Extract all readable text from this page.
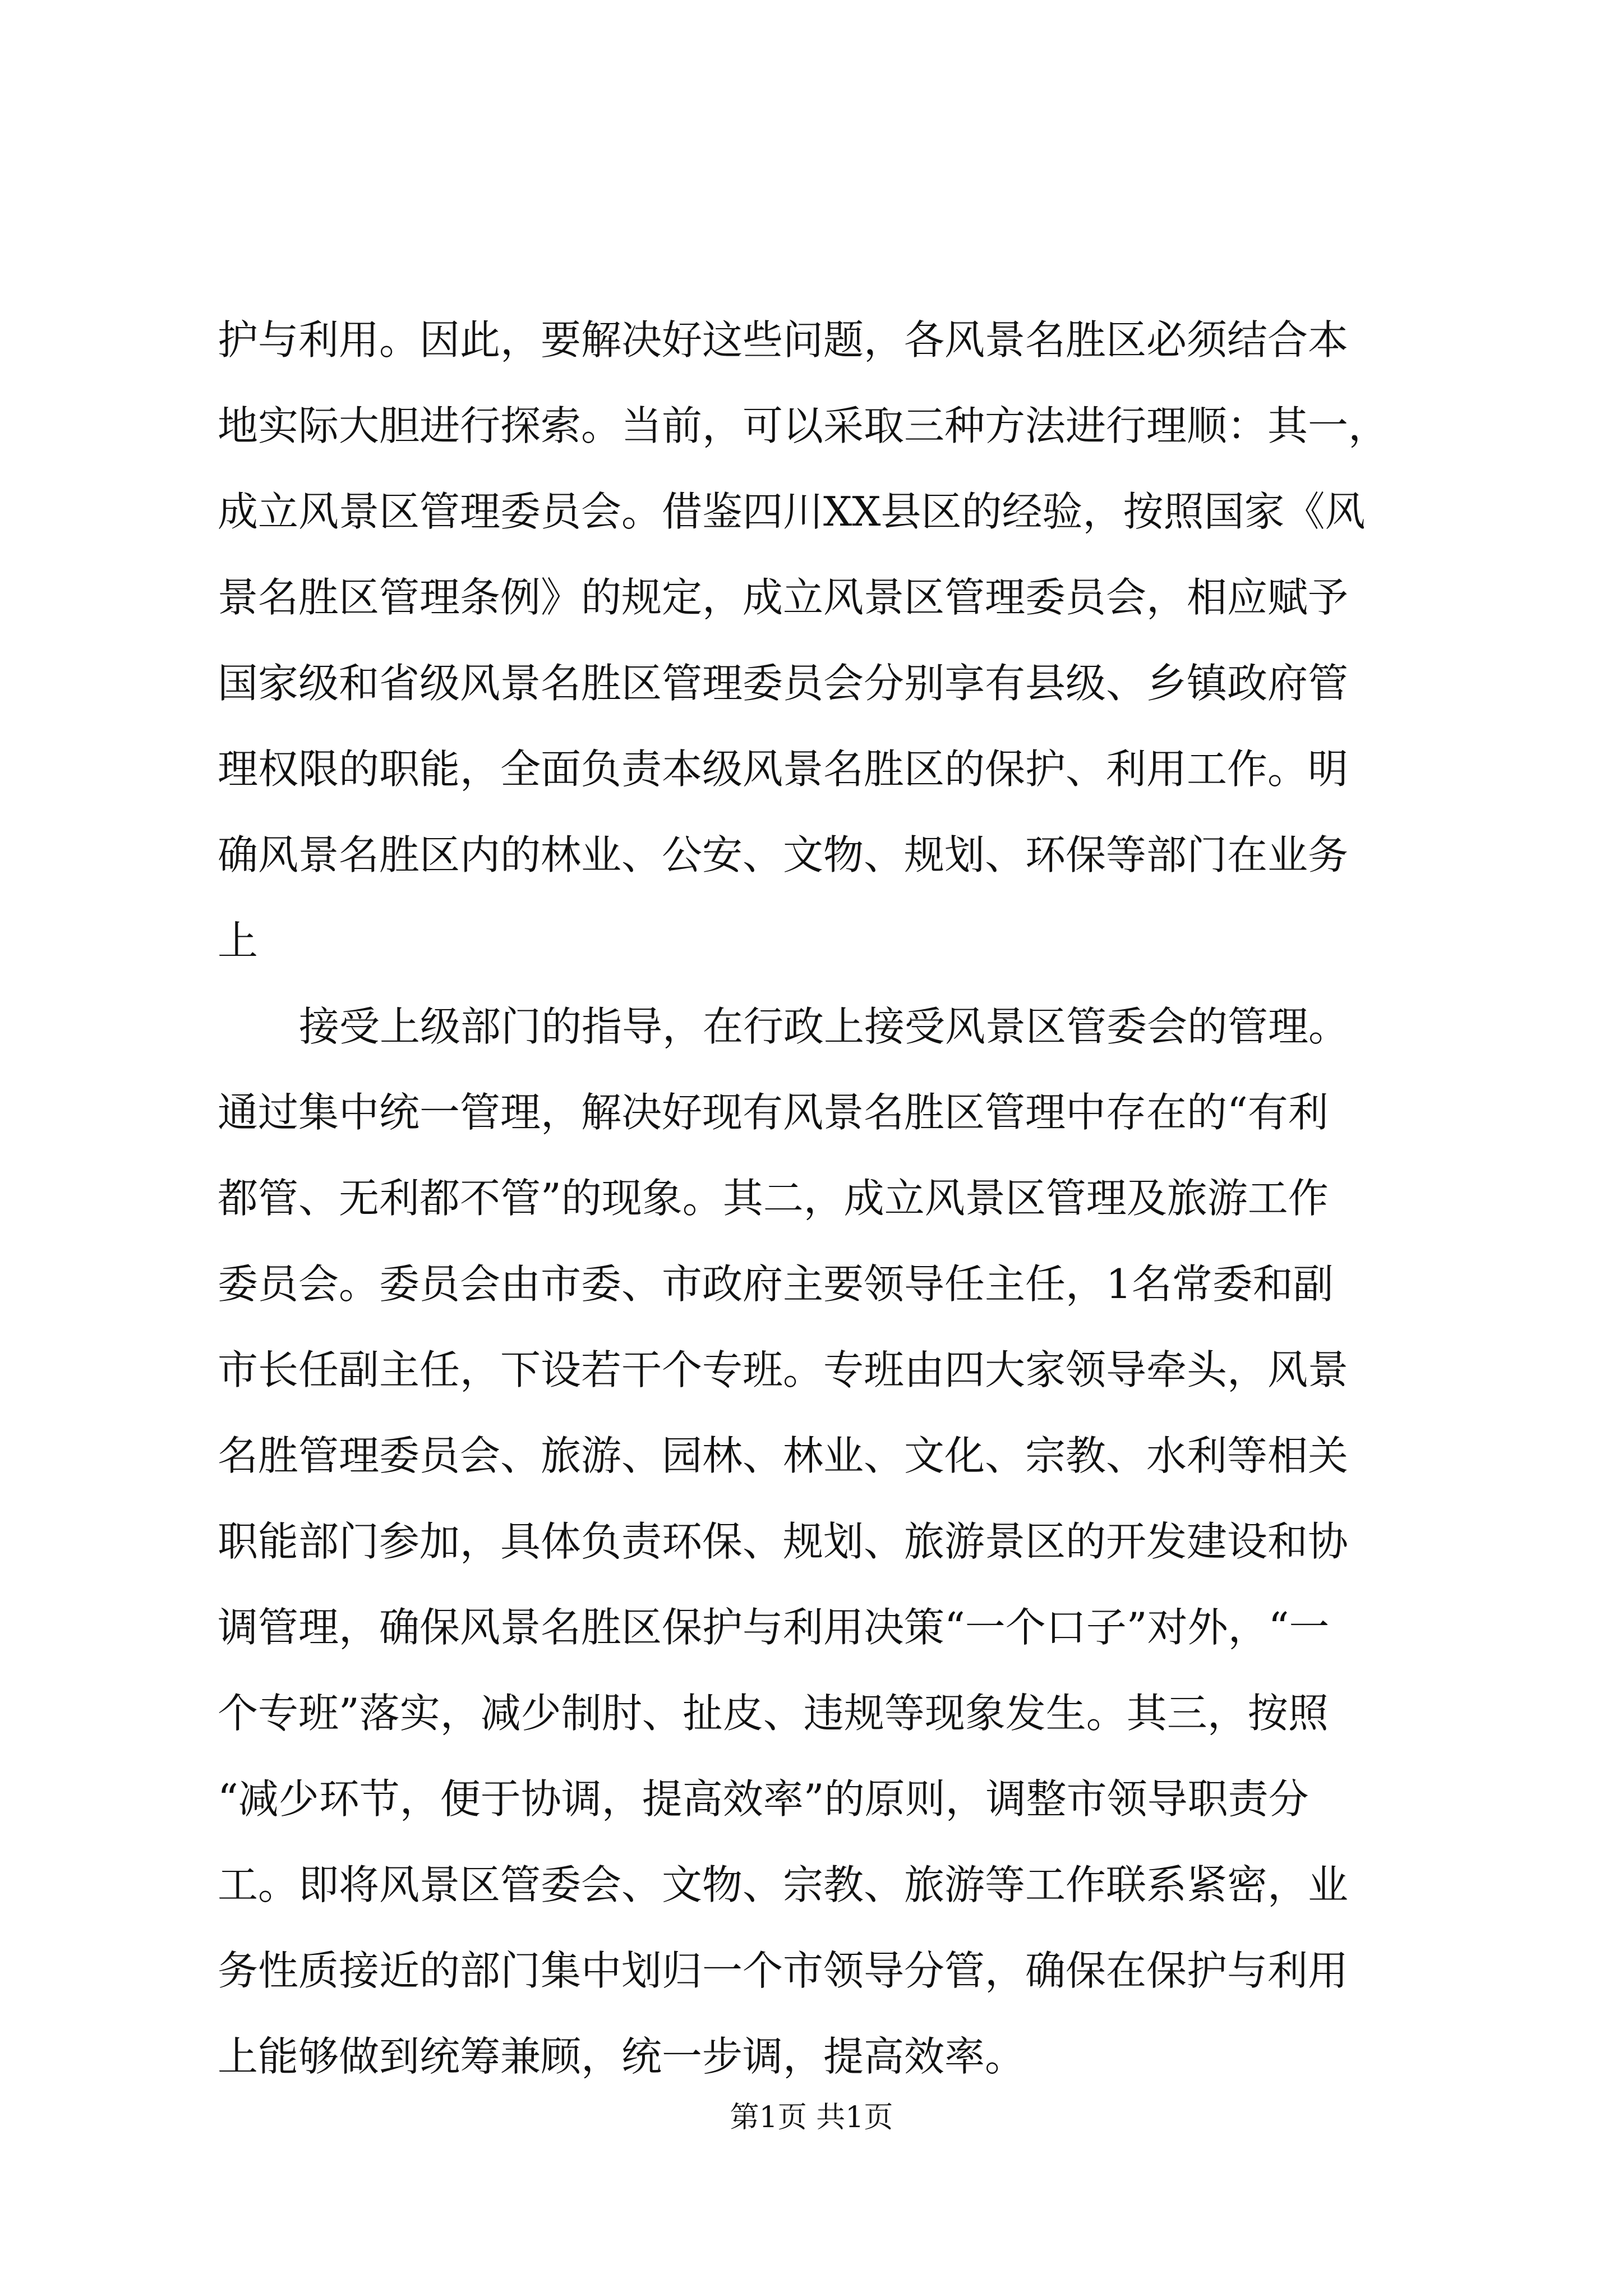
护与利用。因此，要解决好这些问题，各风景名胜区必须结合本
地实际大胆进行探索。当前，可以采取三种方法进行理顺：其一，
成立风景区管理委员会。借鉴四川XX县区的经验，按照国家《风
景名胜区管理条例》的规定，成立风景区管理委员会，相应赋予
国家级和省级风景名胜区管理委员会分别享有县级、乡镇政府管
理权限的职能，全面负责本级风景名胜区的保护、利用工作。明
确风景名胜区内的林业、公安、文物、规划、环保等部门在业务
上
接受上级部门的指导，在行政上接受风景区管委会的管理。
通过集中统一管理，解决好现有风景名胜区管理中存在的“有利
都管、无利都不管”的现象。其二，成立风景区管理及旅游工作
委员会。委员会由市委、市政府主要领导任主任，1名常委和副
市长任副主任，下设若干个专班。专班由四大家领导牵头，风景
名胜管理委员会、旅游、园林、林业、文化、宗教、水利等相关
职能部门参加，具体负责环保、规划、旅游景区的开发建设和协
调管理，确保风景名胜区保护与利用决策“一个口子”对外，“一
个专班”落实，减少制肘、扯皮、违规等现象发生。其三，按照
“减少环节，便于协调，提高效率”的原则，调整市领导职责分
工。即将风景区管委会、文物、宗教、旅游等工作联系紧密，业
务性质接近的部门集中划归一个市领导分管，确保在保护与利用
上能够做到统筹兼顾，统一步调，提高效率。
第1页 共1页
